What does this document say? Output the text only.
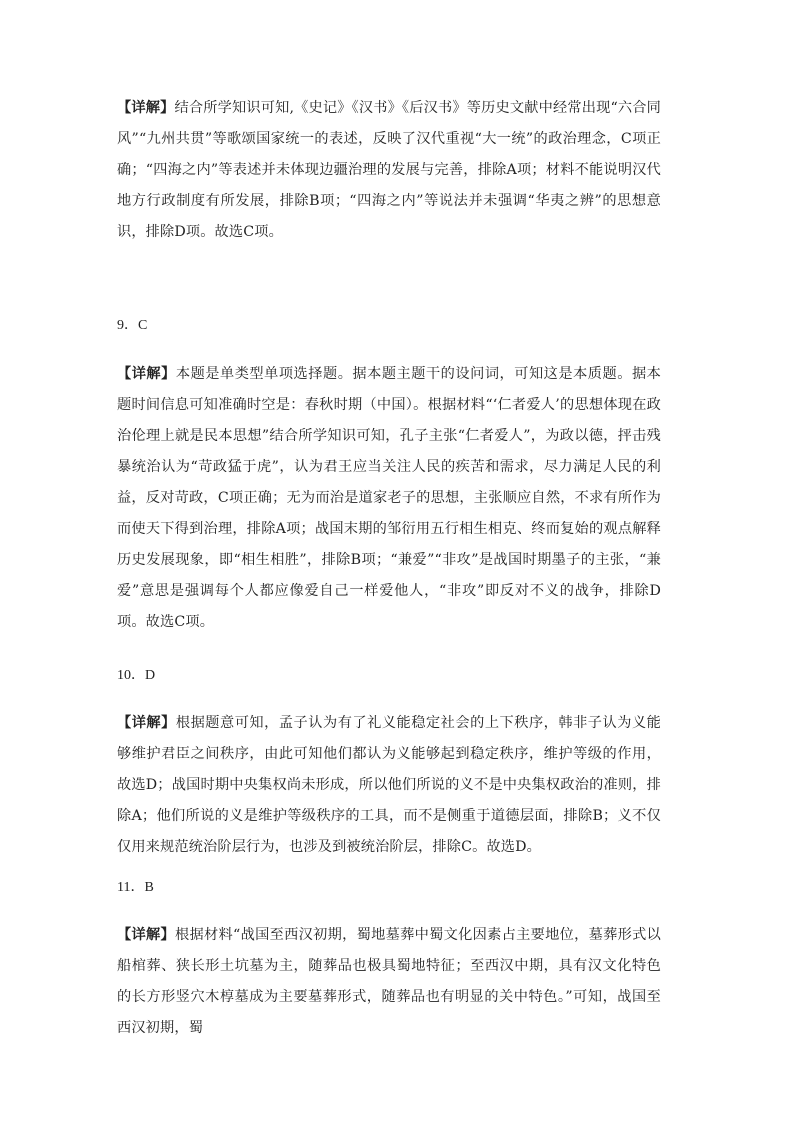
【详解】结合所学知识可知,《史记》《汉书》《后汉书》等历史文献中经常出现“六合同风”“九州共贯”等歌颂国家统一的表述，反映了汉代重视“大一统”的政治理念，C项正确；“四海之内”等表述并未体现边疆治理的发展与完善，排除A项；材料不能说明汉代地方行政制度有所发展，排除B项；“四海之内”等说法并未强调“华夷之辨”的思想意识，排除D项。故选C项。

9．C

【详解】本题是单类型单项选择题。据本题主题干的设问词，可知这是本质题。据本题时间信息可知准确时空是：春秋时期（中国）。根据材料“‘仁者爱人’的思想体现在政治伦理上就是民本思想”结合所学知识可知，孔子主张“仁者爱人”，为政以德，抨击残暴统治认为“苛政猛于虎”，认为君王应当关注人民的疾苦和需求，尽力满足人民的利益，反对苛政，C项正确；无为而治是道家老子的思想，主张顺应自然，不求有所作为而使天下得到治理，排除A项；战国末期的邹衍用五行相生相克、终而复始的观点解释历史发展现象，即“相生相胜”，排除B项；“兼爱”“非攻”是战国时期墨子的主张，“兼爱”意思是强调每个人都应像爱自己一样爱他人，“非攻”即反对不义的战争，排除D项。故选C项。

10．D

【详解】根据题意可知，孟子认为有了礼义能稳定社会的上下秩序，韩非子认为义能够维护君臣之间秩序，由此可知他们都认为义能够起到稳定秩序，维护等级的作用，故选D；战国时期中央集权尚未形成，所以他们所说的义不是中央集权政治的准则，排除A；他们所说的义是维护等级秩序的工具，而不是侧重于道德层面，排除B；义不仅仅用来规范统治阶层行为，也涉及到被统治阶层，排除C。故选D。

11．B

【详解】根据材料“战国至西汉初期，蜀地墓葬中蜀文化因素占主要地位，墓葬形式以船棺葬、狭长形土坑墓为主，随葬品也极具蜀地特征；至西汉中期，具有汉文化特色的长方形竖穴木椁墓成为主要墓葬形式，随葬品也有明显的关中特色。”可知，战国至西汉初期，蜀
